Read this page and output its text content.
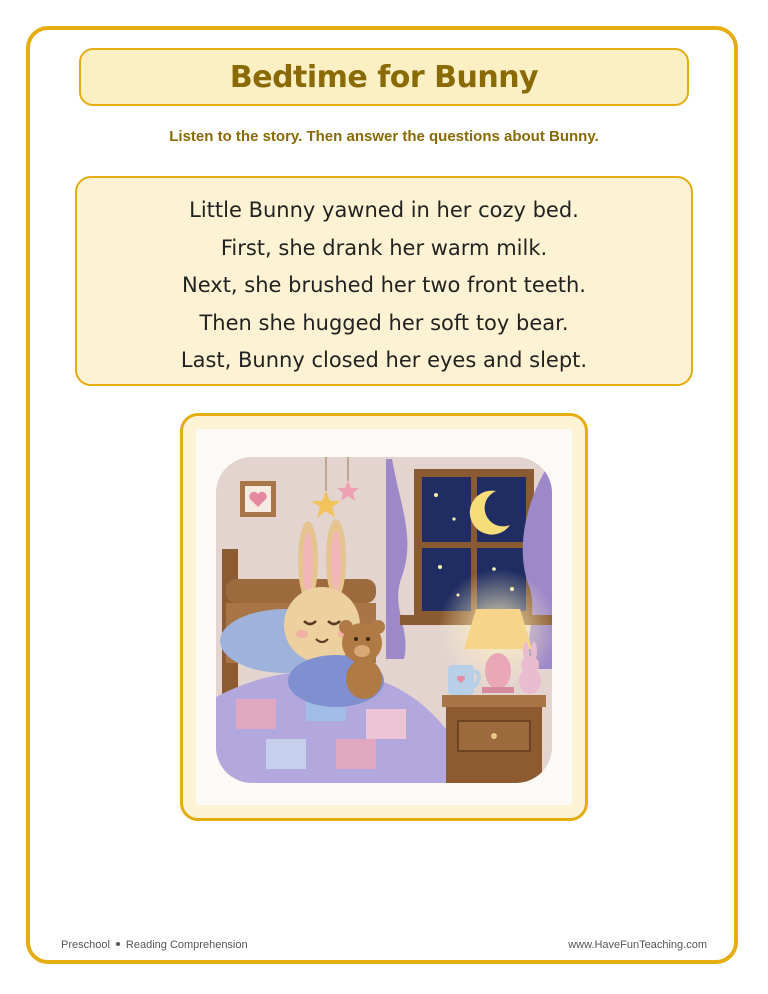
Bedtime for Bunny
Listen to the story. Then answer the questions about Bunny.
Little Bunny yawned in her cozy bed.
First, she drank her warm milk.
Next, she brushed her two front teeth.
Then she hugged her soft toy bear.
Last, Bunny closed her eyes and slept.
Preschool Reading Comprehension	www.HaveFunTeaching.com
